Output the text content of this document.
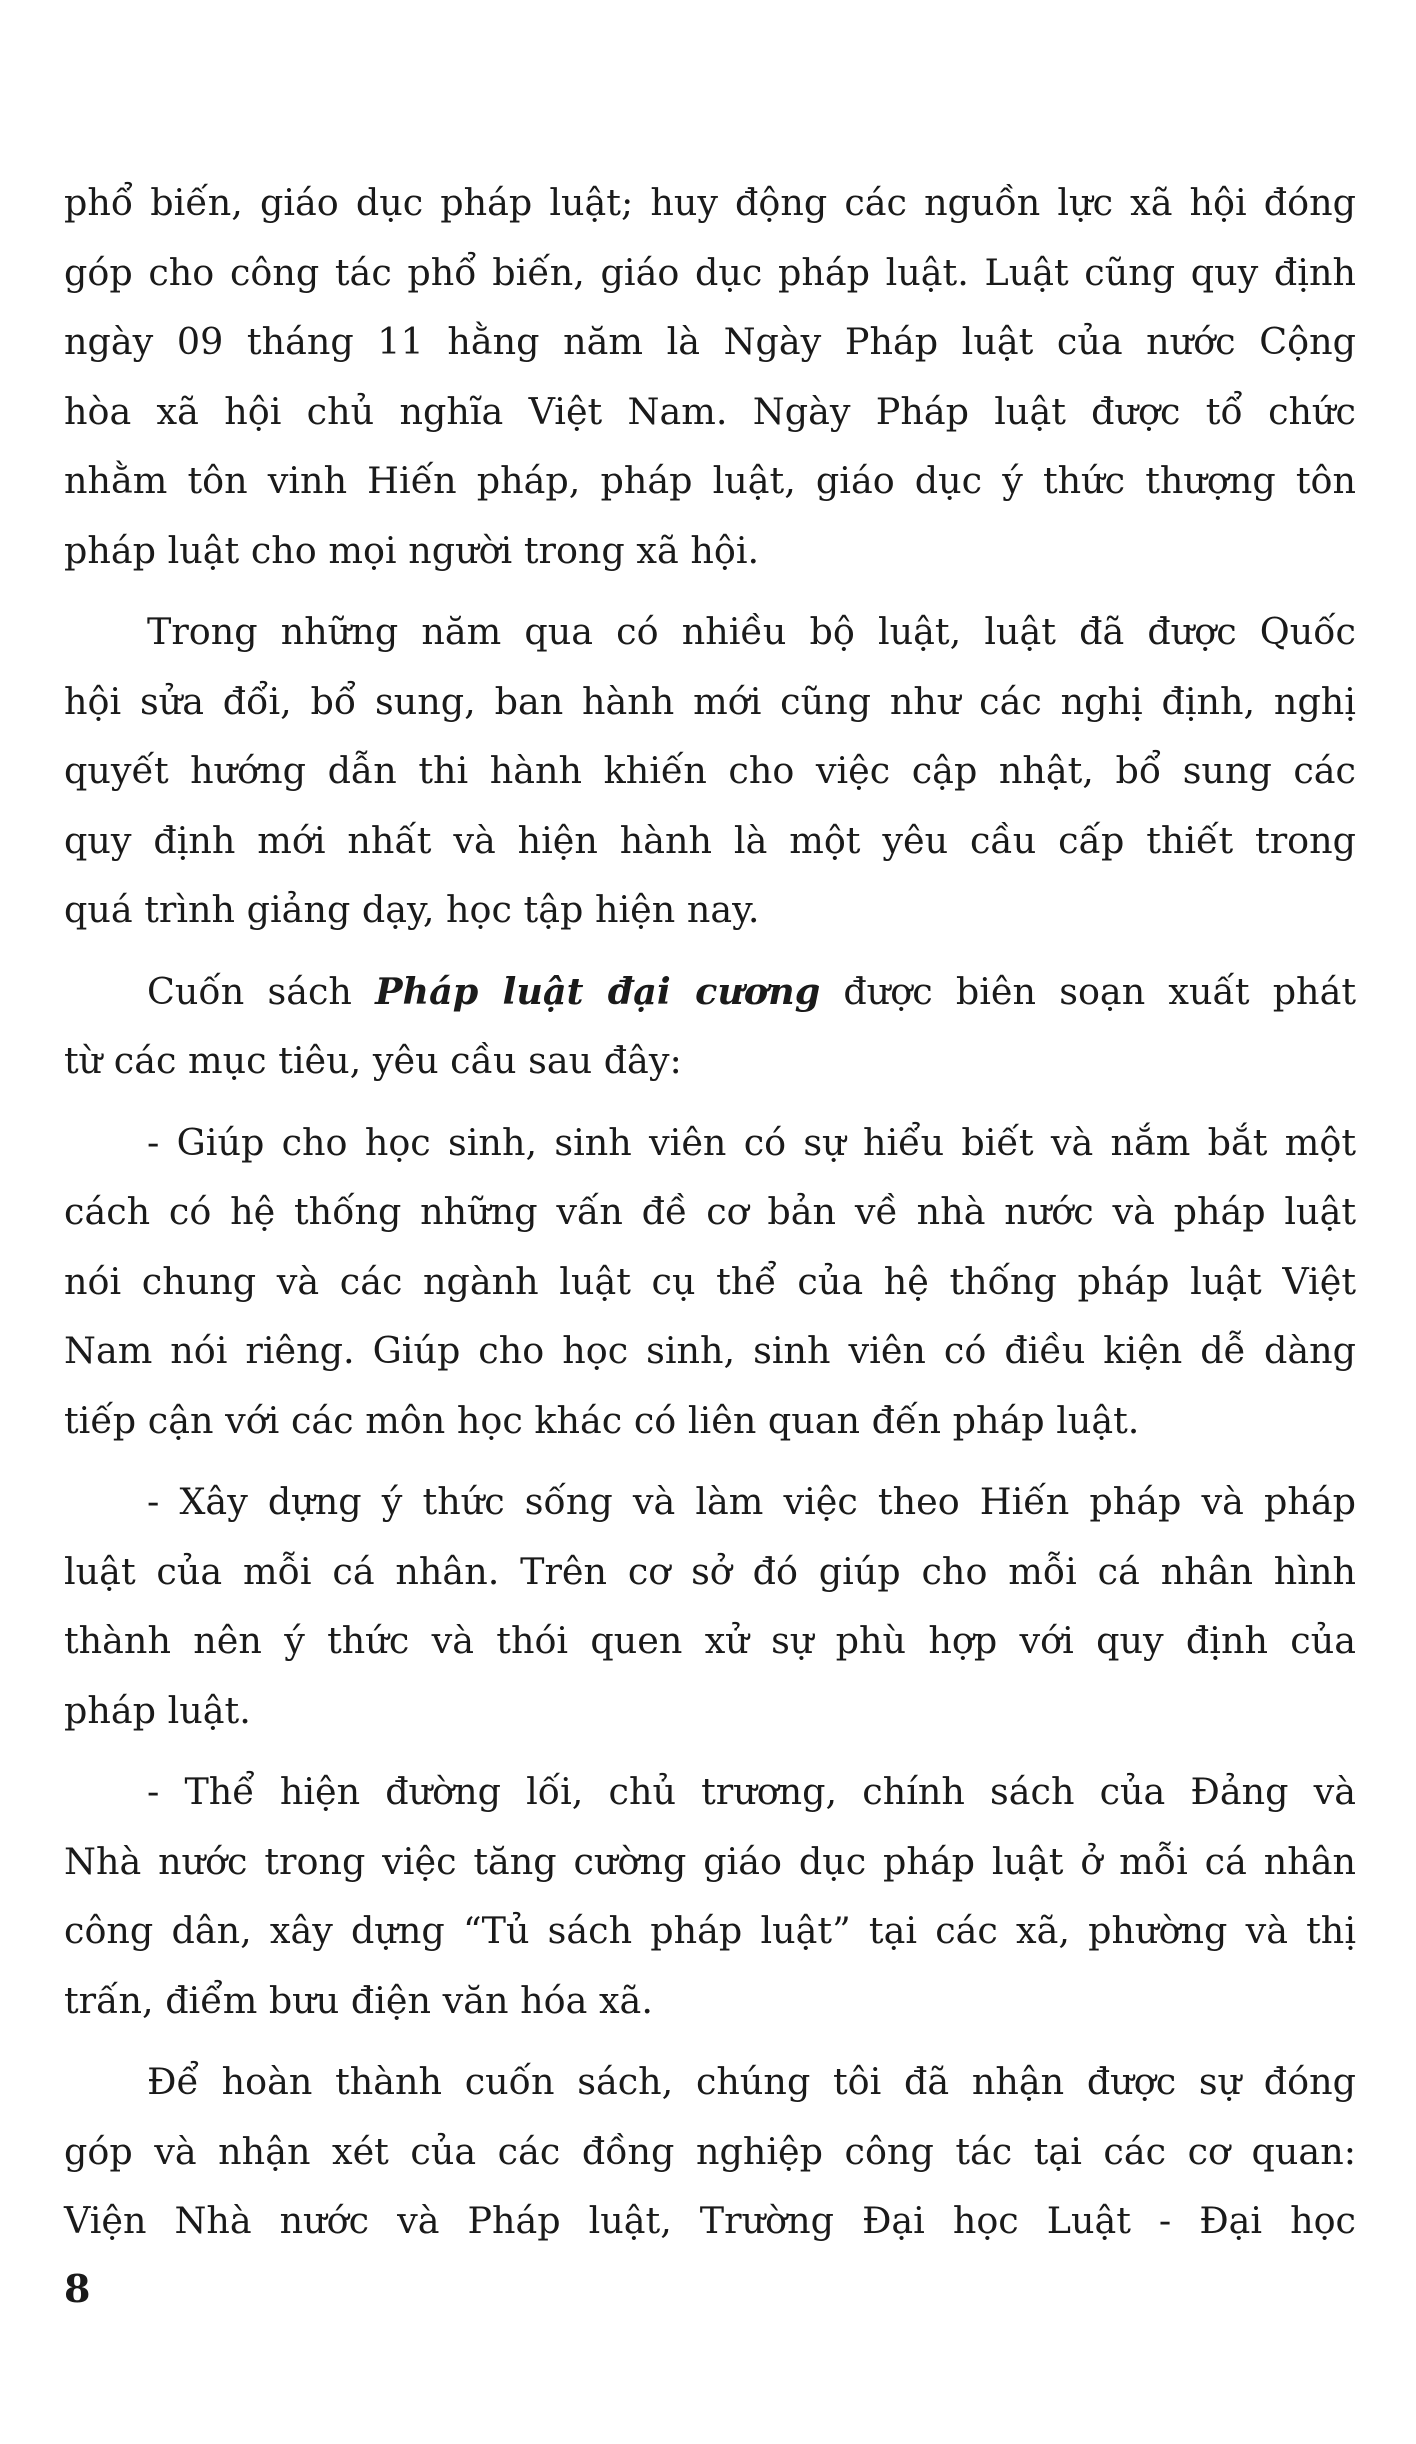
phổ biến, giáo dục pháp luật; huy động các nguồn lực xã hội đóng
góp cho công tác phổ biến, giáo dục pháp luật. Luật cũng quy định
ngày 09 tháng 11 hằng năm là Ngày Pháp luật của nước Cộng
hòa xã hội chủ nghĩa Việt Nam. Ngày Pháp luật được tổ chức
nhằm tôn vinh Hiến pháp, pháp luật, giáo dục ý thức thượng tôn
pháp luật cho mọi người trong xã hội.
Trong những năm qua có nhiều bộ luật, luật đã được Quốc
hội sửa đổi, bổ sung, ban hành mới cũng như các nghị định, nghị
quyết hướng dẫn thi hành khiến cho việc cập nhật, bổ sung các
quy định mới nhất và hiện hành là một yêu cầu cấp thiết trong
quá trình giảng dạy, học tập hiện nay.
Cuốn sách Pháp luật đại cương được biên soạn xuất phát
từ các mục tiêu, yêu cầu sau đây:
- Giúp cho học sinh, sinh viên có sự hiểu biết và nắm bắt một
cách có hệ thống những vấn đề cơ bản về nhà nước và pháp luật
nói chung và các ngành luật cụ thể của hệ thống pháp luật Việt
Nam nói riêng. Giúp cho học sinh, sinh viên có điều kiện dễ dàng
tiếp cận với các môn học khác có liên quan đến pháp luật.
- Xây dựng ý thức sống và làm việc theo Hiến pháp và pháp
luật của mỗi cá nhân. Trên cơ sở đó giúp cho mỗi cá nhân hình
thành nên ý thức và thói quen xử sự phù hợp với quy định của
pháp luật.
- Thể hiện đường lối, chủ trương, chính sách của Đảng và
Nhà nước trong việc tăng cường giáo dục pháp luật ở mỗi cá nhân
công dân, xây dựng “Tủ sách pháp luật” tại các xã, phường và thị
trấn, điểm bưu điện văn hóa xã.
Để hoàn thành cuốn sách, chúng tôi đã nhận được sự đóng
góp và nhận xét của các đồng nghiệp công tác tại các cơ quan:
Viện Nhà nước và Pháp luật, Trường Đại học Luật - Đại học
8
